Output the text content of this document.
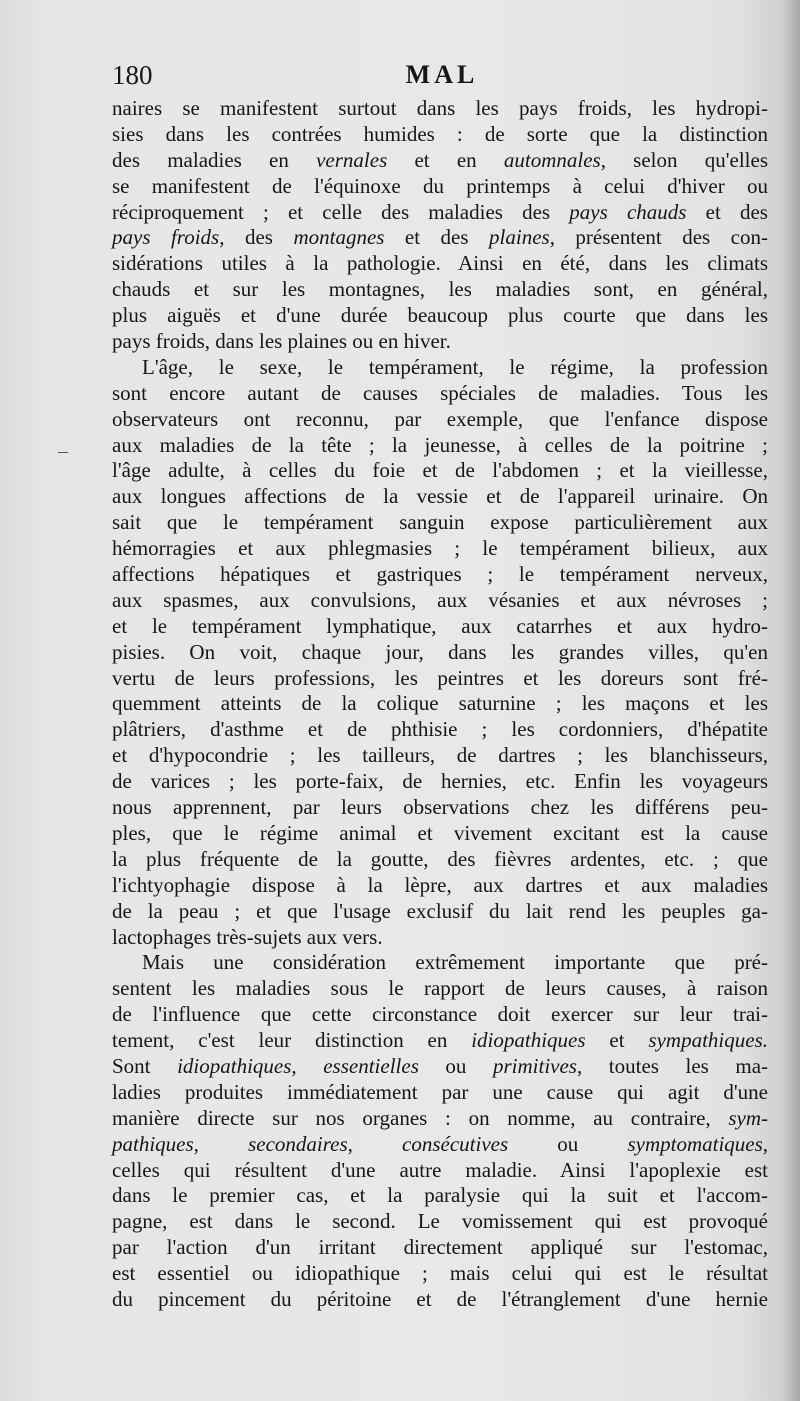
180	MAL
naires se manifestent surtout dans les pays froids, les hydropi-
sies dans les contrées humides : de sorte que la distinction
des maladies en vernales et en automnales, selon qu'elles
se manifestent de l'équinoxe du printemps à celui d'hiver ou
réciproquement ; et celle des maladies des pays chauds et des
pays froids, des montagnes et des plaines, présentent des con-
sidérations utiles à la pathologie. Ainsi en été, dans les climats
chauds et sur les montagnes, les maladies sont, en général,
plus aiguës et d'une durée beaucoup plus courte que dans les
pays froids, dans les plaines ou en hiver.
L'âge, le sexe, le tempérament, le régime, la profession
sont encore autant de causes spéciales de maladies. Tous les
observateurs ont reconnu, par exemple, que l'enfance dispose
aux maladies de la tête ; la jeunesse, à celles de la poitrine ;
l'âge adulte, à celles du foie et de l'abdomen ; et la vieillesse,
aux longues affections de la vessie et de l'appareil urinaire. On
sait que le tempérament sanguin expose particulièrement aux
hémorragies et aux phlegmasies ; le tempérament bilieux, aux
affections hépatiques et gastriques ; le tempérament nerveux,
aux spasmes, aux convulsions, aux vésanies et aux névroses ;
et le tempérament lymphatique, aux catarrhes et aux hydro-
pisies. On voit, chaque jour, dans les grandes villes, qu'en
vertu de leurs professions, les peintres et les doreurs sont fré-
quemment atteints de la colique saturnine ; les maçons et les
plâtriers, d'asthme et de phthisie ; les cordonniers, d'hépatite
et d'hypocondrie ; les tailleurs, de dartres ; les blanchisseurs,
de varices ; les porte-faix, de hernies, etc. Enfin les voyageurs
nous apprennent, par leurs observations chez les différens peu-
ples, que le régime animal et vivement excitant est la cause
la plus fréquente de la goutte, des fièvres ardentes, etc. ; que
l'ichtyophagie dispose à la lèpre, aux dartres et aux maladies
de la peau ; et que l'usage exclusif du lait rend les peuples ga-
lactophages très-sujets aux vers.
Mais une considération extrêmement importante que pré-
sentent les maladies sous le rapport de leurs causes, à raison
de l'influence que cette circonstance doit exercer sur leur trai-
tement, c'est leur distinction en idiopathiques et sympathiques.
Sont idiopathiques, essentielles ou primitives, toutes les ma-
ladies produites immédiatement par une cause qui agit d'une
manière directe sur nos organes : on nomme, au contraire, sym-
pathiques, secondaires, consécutives ou symptomatiques,
celles qui résultent d'une autre maladie. Ainsi l'apoplexie est
dans le premier cas, et la paralysie qui la suit et l'accom-
pagne, est dans le second. Le vomissement qui est provoqué
par l'action d'un irritant directement appliqué sur l'estomac,
est essentiel ou idiopathique ; mais celui qui est le résultat
du pincement du péritoine et de l'étranglement d'une hernie
